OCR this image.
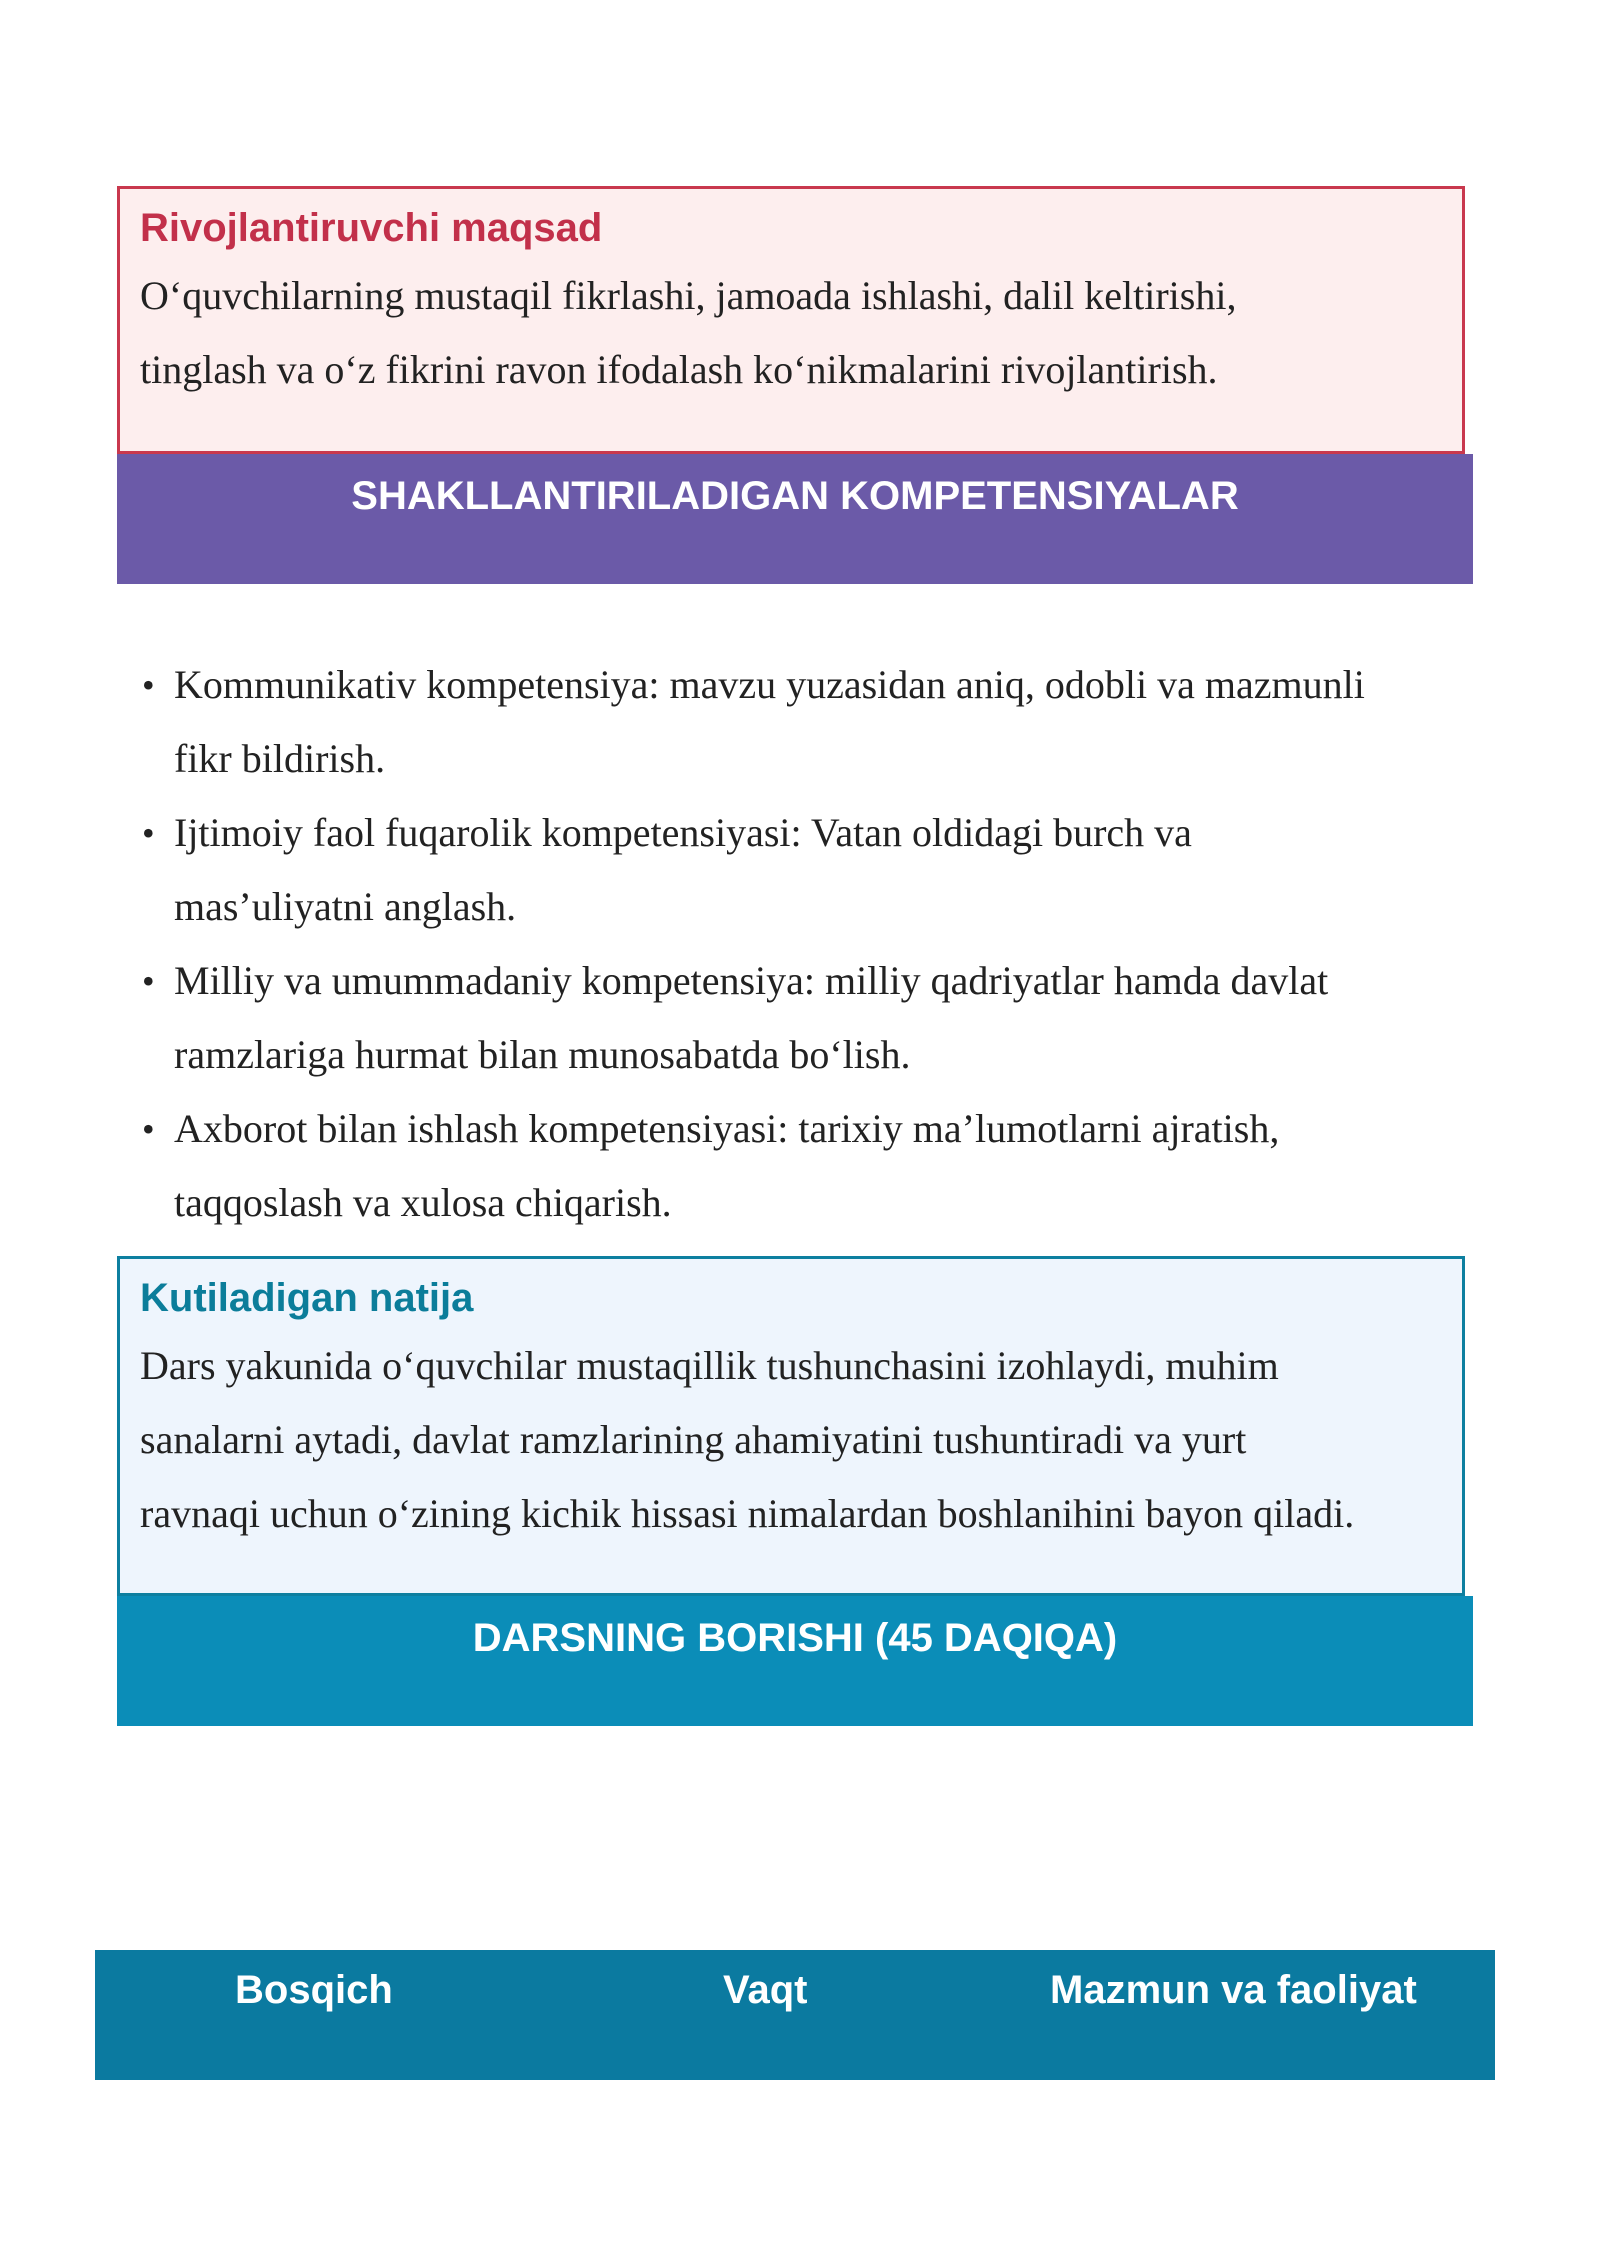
Rivojlantiruvchi maqsad

O‘quvchilarning mustaqil fikrlashi, jamoada ishlashi, dalil keltirishi,

tinglash va o‘z fikrini ravon ifodalash ko‘nikmalarini rivojlantirish.

SHAKLLANTIRILADIGAN KOMPETENSIYALAR
• Kommunikativ kompetensiya: mavzu yuzasidan aniq, odobli va mazmunli
fikr bildirish.
• Ijtimoiy faol fuqarolik kompetensiyasi: Vatan oldidagi burch va
mas’uliyatni anglash.
• Milliy va umummadaniy kompetensiya: milliy qadriyatlar hamda davlat
ramzlariga hurmat bilan munosabatda bo‘lish.
• Axborot bilan ishlash kompetensiyasi: tarixiy ma’lumotlarni ajratish,
taqqoslash va xulosa chiqarish.
Kutiladigan natija

Dars yakunida o‘quvchilar mustaqillik tushunchasini izohlaydi, muhim

sanalarni aytadi, davlat ramzlarining ahamiyatini tushuntiradi va yurt

ravnaqi uchun o‘zining kichik hissasi nimalardan boshlanihini bayon qiladi.

DARSNING BORISHI (45 DAQIQA)
Bosqich	Vaqt	Mazmun va faoliyat
